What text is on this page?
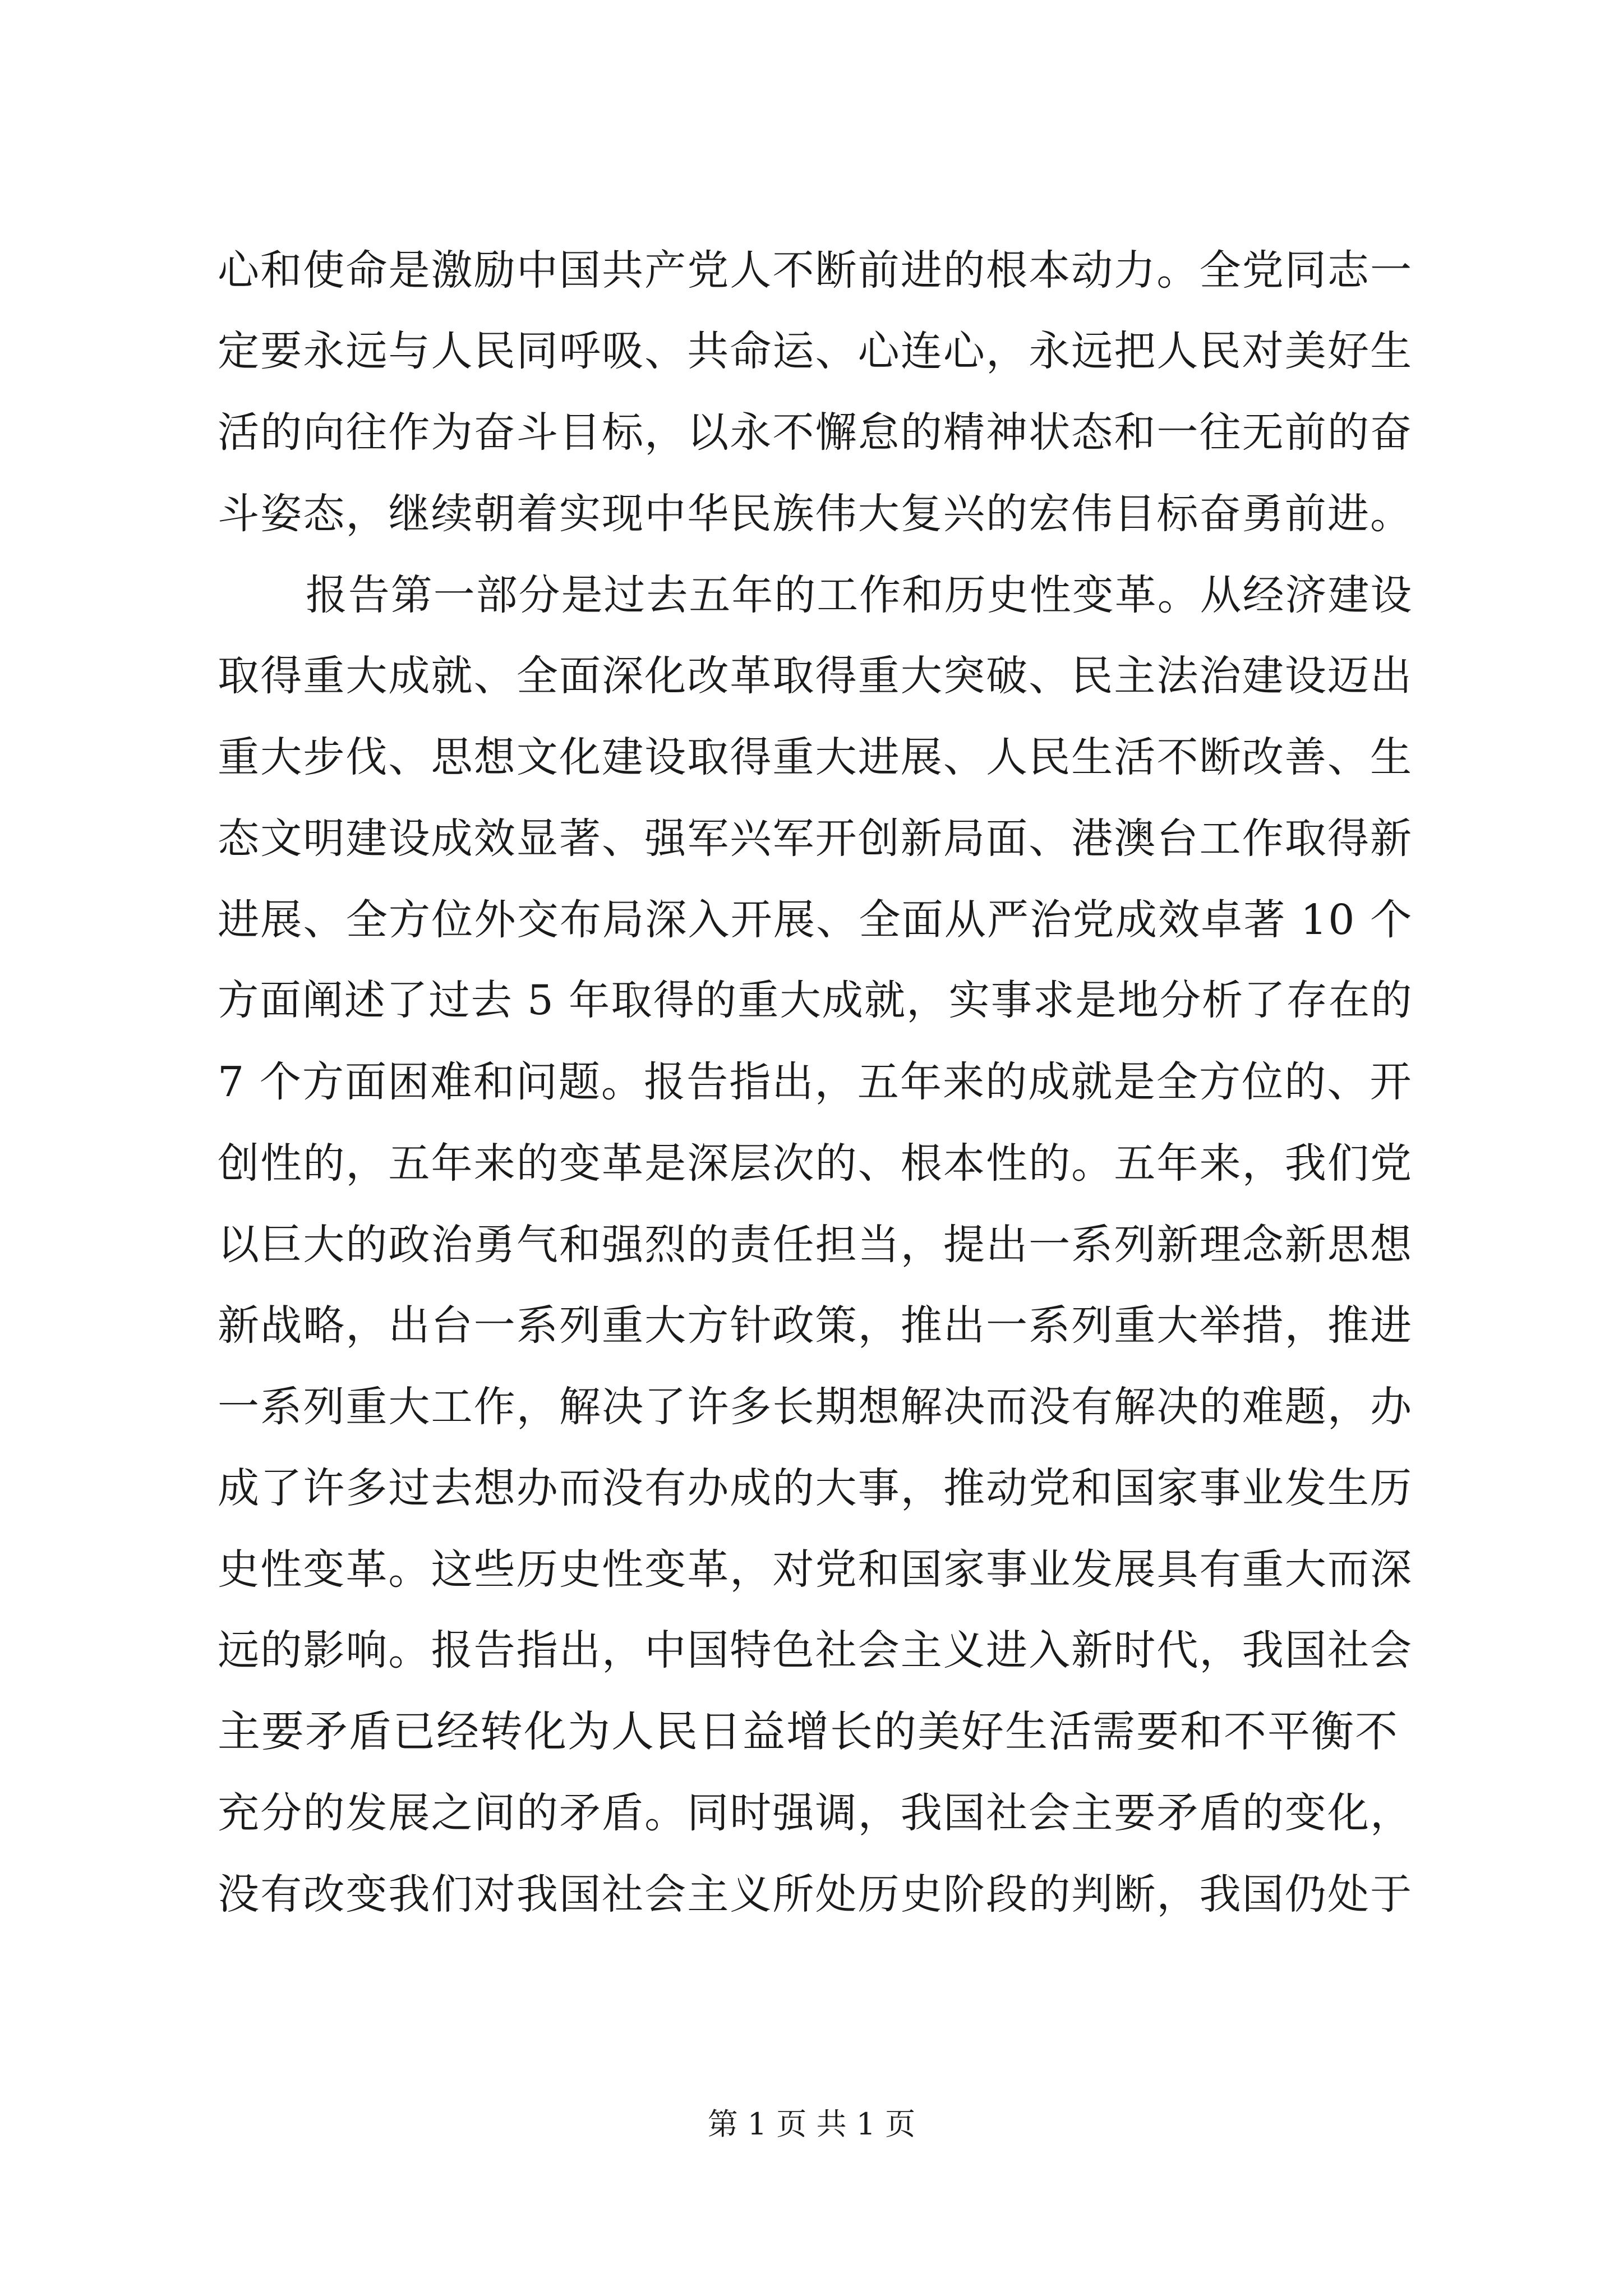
心和使命是激励中国共产党人不断前进的根本动力。全党同志一

定要永远与人民同呼吸、共命运、心连心，永远把人民对美好生

活的向往作为奋斗目标，以永不懈怠的精神状态和一往无前的奋

斗姿态，继续朝着实现中华民族伟大复兴的宏伟目标奋勇前进。

报告第一部分是过去五年的工作和历史性变革。从经济建设

取得重大成就、全面深化改革取得重大突破、民主法治建设迈出

重大步伐、思想文化建设取得重大进展、人民生活不断改善、生

态文明建设成效显著、强军兴军开创新局面、港澳台工作取得新

进展、全方位外交布局深入开展、全面从严治党成效卓著 10 个

方面阐述了过去 5 年取得的重大成就，实事求是地分析了存在的

7 个方面困难和问题。报告指出，五年来的成就是全方位的、开

创性的，五年来的变革是深层次的、根本性的。五年来，我们党

以巨大的政治勇气和强烈的责任担当，提出一系列新理念新思想

新战略，出台一系列重大方针政策，推出一系列重大举措，推进

一系列重大工作，解决了许多长期想解决而没有解决的难题，办

成了许多过去想办而没有办成的大事，推动党和国家事业发生历

史性变革。这些历史性变革，对党和国家事业发展具有重大而深

远的影响。报告指出，中国特色社会主义进入新时代，我国社会

主要矛盾已经转化为人民日益增长的美好生活需要和不平衡不

充分的发展之间的矛盾。同时强调，我国社会主要矛盾的变化，

没有改变我们对我国社会主义所处历史阶段的判断，我国仍处于

第 1 页 共 1 页
